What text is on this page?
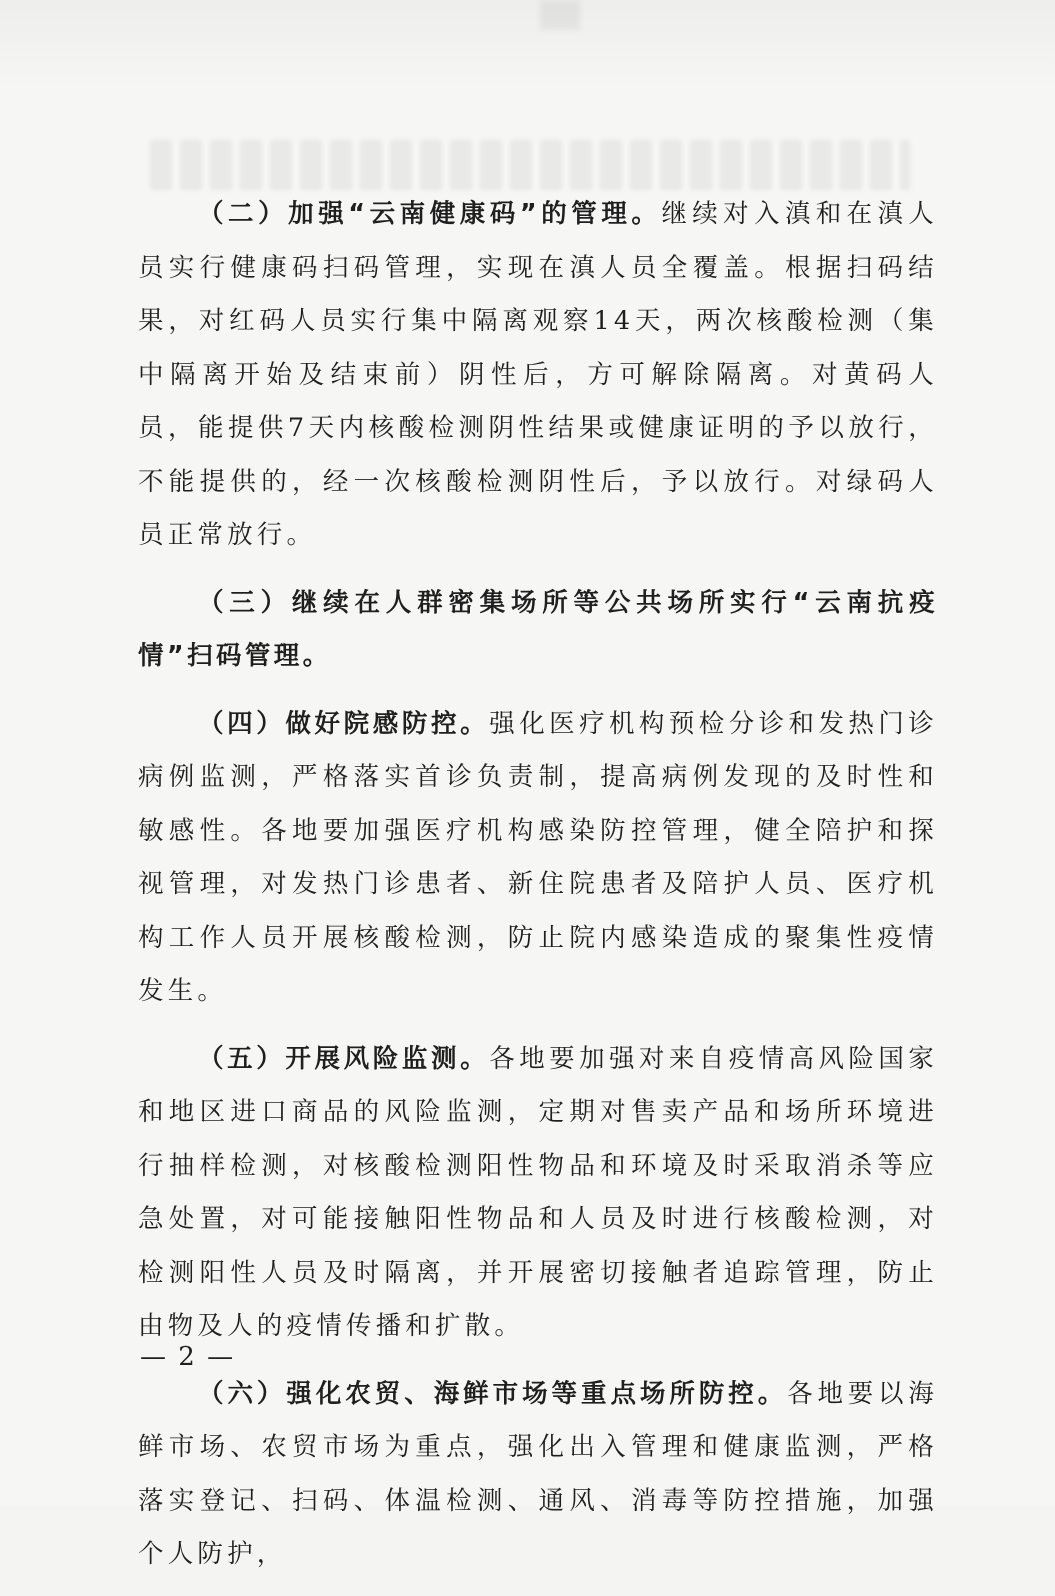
（二）加强“云南健康码”的管理。继续对入滇和在滇人员实行健康码扫码管理，实现在滇人员全覆盖。根据扫码结果，对红码人员实行集中隔离观察14天，两次核酸检测（集中隔离开始及结束前）阴性后，方可解除隔离。对黄码人员，能提供7天内核酸检测阴性结果或健康证明的予以放行，不能提供的，经一次核酸检测阴性后，予以放行。对绿码人员正常放行。

（三）继续在人群密集场所等公共场所实行“云南抗疫情”扫码管理。

（四）做好院感防控。强化医疗机构预检分诊和发热门诊病例监测，严格落实首诊负责制，提高病例发现的及时性和敏感性。各地要加强医疗机构感染防控管理，健全陪护和探视管理，对发热门诊患者、新住院患者及陪护人员、医疗机构工作人员开展核酸检测，防止院内感染造成的聚集性疫情发生。

（五）开展风险监测。各地要加强对来自疫情高风险国家和地区进口商品的风险监测，定期对售卖产品和场所环境进行抽样检测，对核酸检测阳性物品和环境及时采取消杀等应急处置，对可能接触阳性物品和人员及时进行核酸检测，对检测阳性人员及时隔离，并开展密切接触者追踪管理，防止由物及人的疫情传播和扩散。

（六）强化农贸、海鲜市场等重点场所防控。各地要以海鲜市场、农贸市场为重点，强化出入管理和健康监测，严格落实登记、扫码、体温检测、通风、消毒等防控措施，加强个人防护，

— 2 —
